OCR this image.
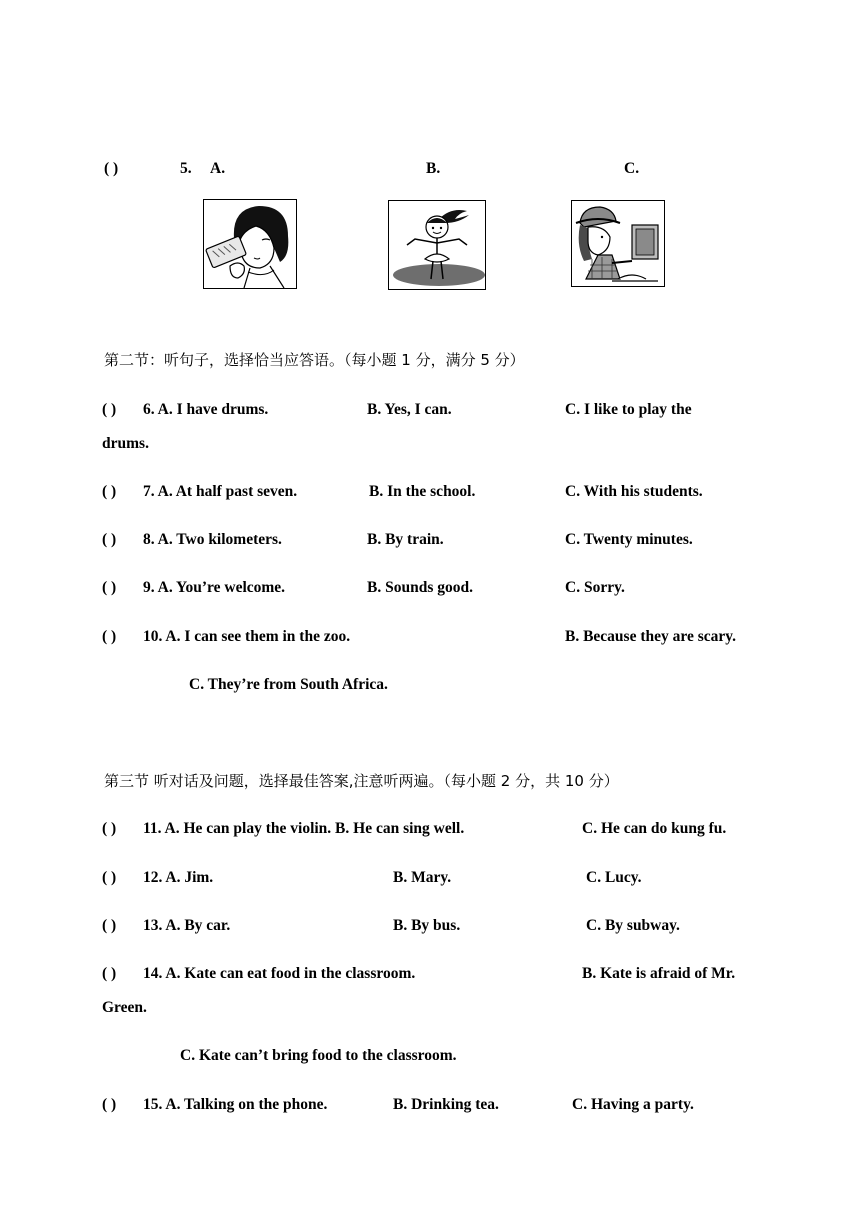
( )	5. A.	B.	C.
第二节：听句子，选择恰当应答语。（每小题 1 分，满分 5 分）
( ) 6. A. I have drums.	B. Yes, I can.	C. I like to play the
drums.
( ) 7. A. At half past seven.	B. In the school.	C. With his students.
( ) 8. A. Two kilometers.	B. By train.	C. Twenty minutes.
( ) 9. A. You’re welcome.	B. Sounds good.	C. Sorry.
( ) 10. A. I can see them in the zoo.	B. Because they are scary.
C. They’re from South Africa.
第三节 听对话及问题，选择最佳答案,注意听两遍。（每小题 2 分，共 10 分）
( ) 11. A. He can play the violin. B. He can sing well.	C. He can do kung fu.
( ) 12. A. Jim.	B. Mary.	C. Lucy.
( ) 13. A. By car.	B. By bus.	C. By subway.
( ) 14. A. Kate can eat food in the classroom.	B. Kate is afraid of Mr.
Green.
C. Kate can’t bring food to the classroom.
( ) 15. A. Talking on the phone.	B. Drinking tea.	C. Having a party.
